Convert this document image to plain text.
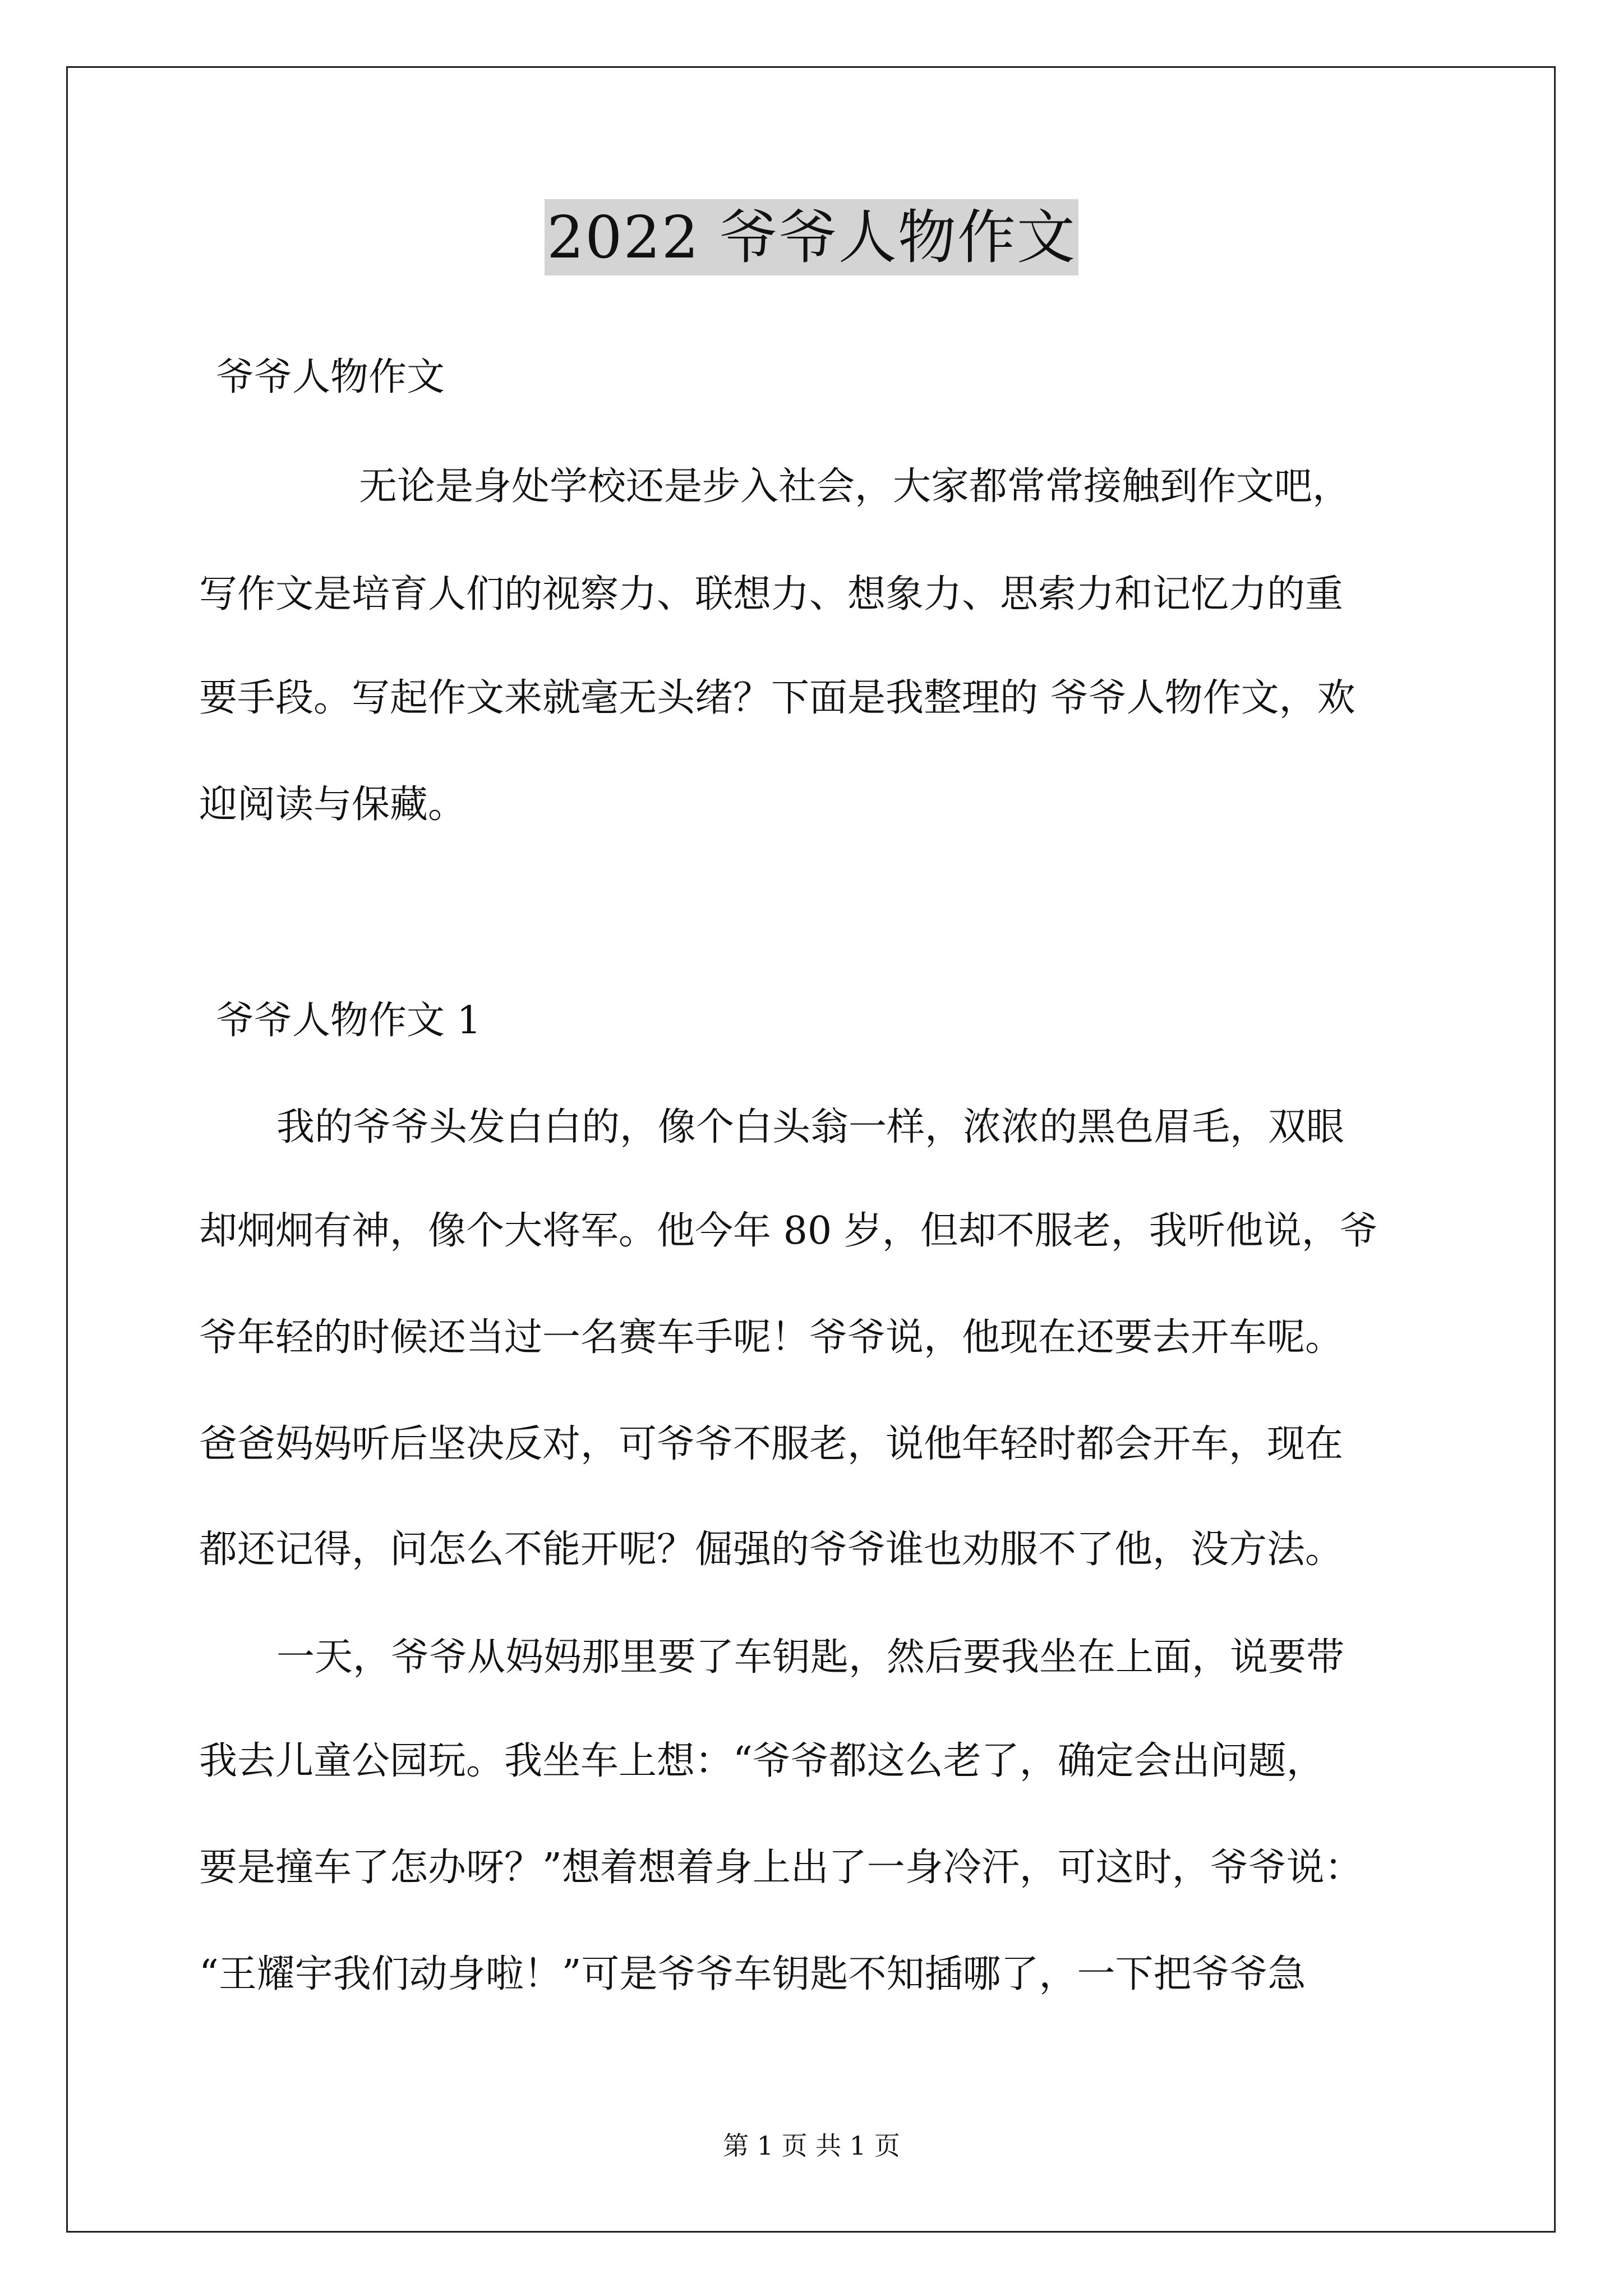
2022 爷爷人物作文
爷爷人物作文
无论是身处学校还是步入社会，大家都常常接触到作文吧，
写作文是培育人们的视察力、联想力、想象力、思索力和记忆力的重
要手段。写起作文来就毫无头绪？下面是我整理的 爷爷人物作文，欢
迎阅读与保藏。
爷爷人物作文 1
我的爷爷头发白白的，像个白头翁一样，浓浓的黑色眉毛，双眼
却炯炯有神，像个大将军。他今年 80 岁，但却不服老，我听他说，爷
爷年轻的时候还当过一名赛车手呢！爷爷说，他现在还要去开车呢。
爸爸妈妈听后坚决反对，可爷爷不服老，说他年轻时都会开车，现在
都还记得，问怎么不能开呢？倔强的爷爷谁也劝服不了他，没方法。
一天，爷爷从妈妈那里要了车钥匙，然后要我坐在上面，说要带
我去儿童公园玩。我坐车上想：“爷爷都这么老了，确定会出问题，
要是撞车了怎办呀？”想着想着身上出了一身冷汗，可这时，爷爷说：
“王耀宇我们动身啦！”可是爷爷车钥匙不知插哪了，一下把爷爷急
第 1 页 共 1 页
